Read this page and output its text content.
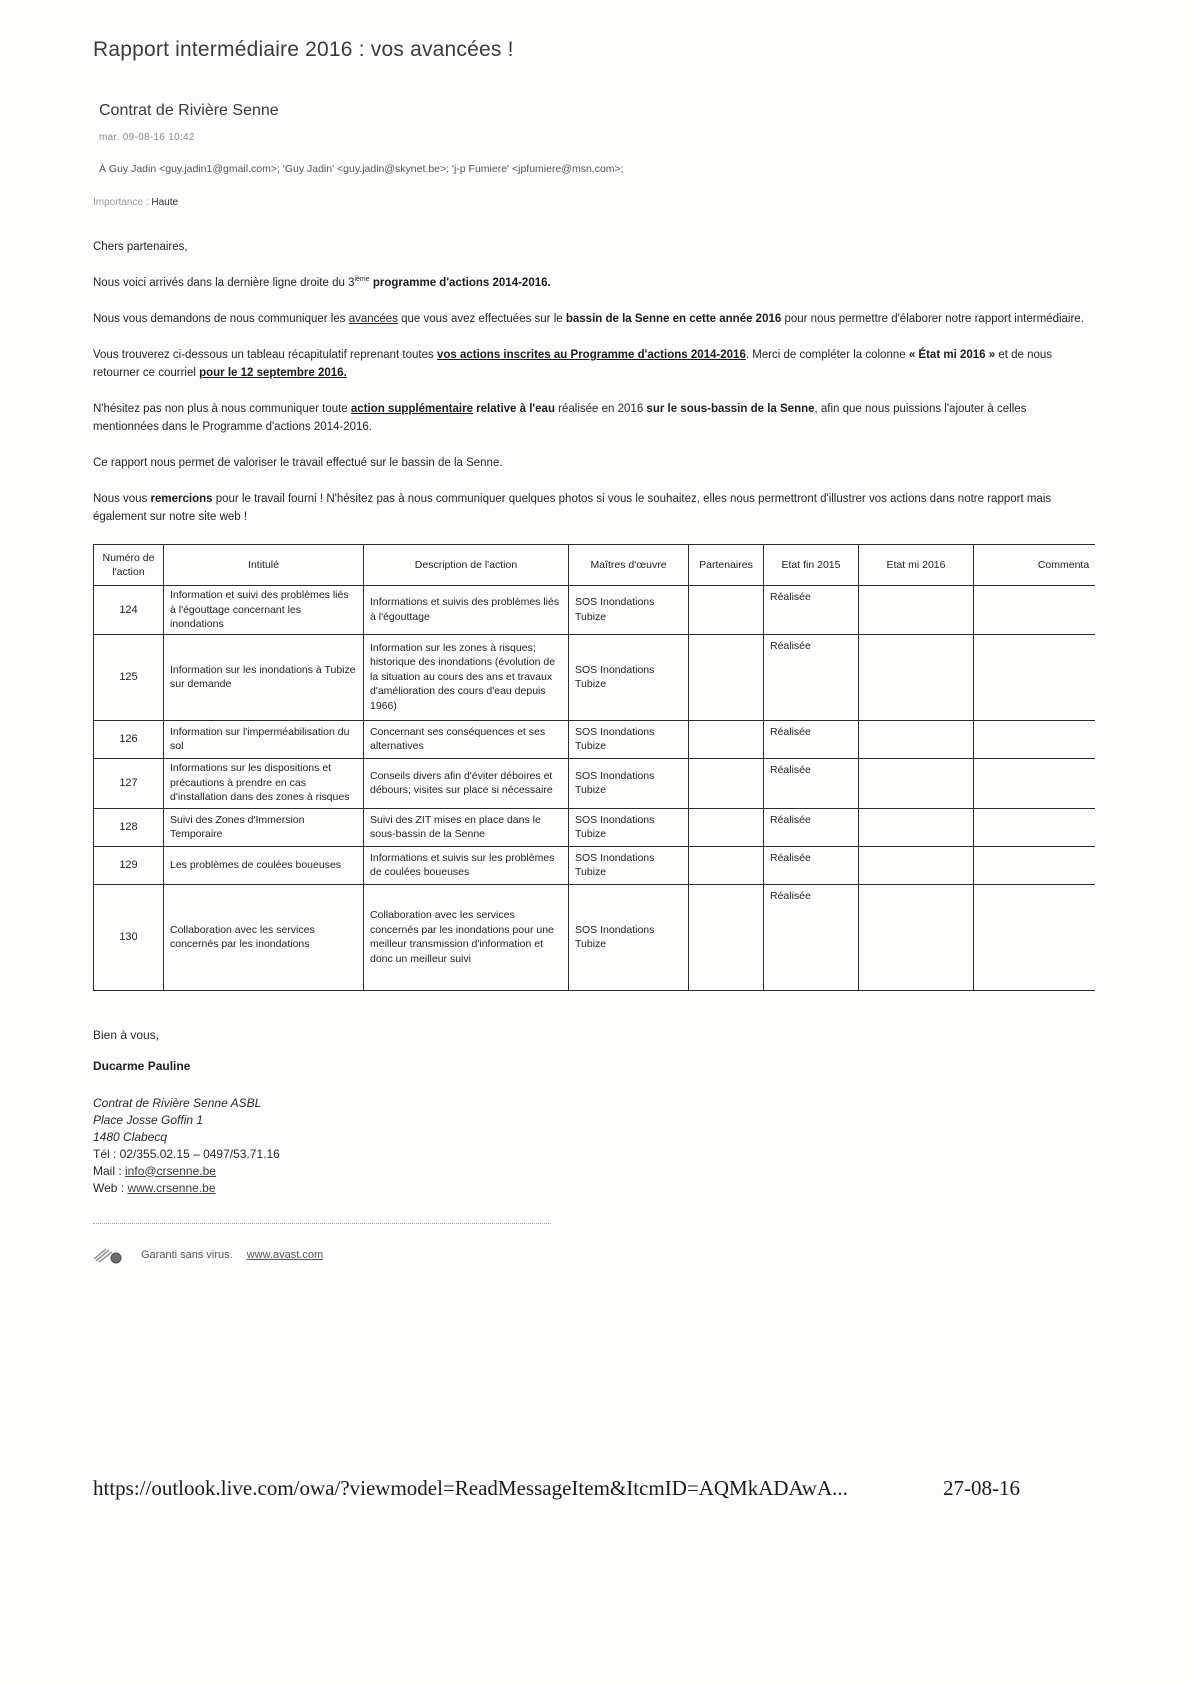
Rapport intermédiaire 2016 : vos avancées !
Contrat de Rivière Senne
mar. 09-08-16 10:42
À Guy Jadin <guy.jadin1@gmail.com>; 'Guy Jadin' <guy.jadin@skynet.be>; 'j-p Fumiere' <jpfumiere@msn.com>;
Importance : Haute

Chers partenaires,

Nous voici arrivés dans la dernière ligne droite du 3ième programme d'actions 2014-2016.

Nous vous demandons de nous communiquer les avancées que vous avez effectuées sur le bassin de la Senne en cette année 2016 pour nous permettre d'élaborer notre rapport intermédiaire.

Vous trouverez ci-dessous un tableau récapitulatif reprenant toutes vos actions inscrites au Programme d'actions 2014-2016. Merci de compléter la colonne « État mi 2016 » et de nous retourner ce courriel pour le 12 septembre 2016.

N'hésitez pas non plus à nous communiquer toute action supplémentaire relative à l'eau réalisée en 2016 sur le sous-bassin de la Senne, afin que nous puissions l'ajouter à celles mentionnées dans le Programme d'actions 2014-2016.

Ce rapport nous permet de valoriser le travail effectué sur le bassin de la Senne.

Nous vous remercions pour le travail fourni ! N'hésitez pas à nous communiquer quelques photos si vous le souhaitez, elles nous permettront d'illustrer vos actions dans notre rapport mais également sur notre site web !

Numéro de l'action	Intitulé	Description de l'action	Maîtres d'œuvre	Partenaires	Etat fin 2015	Etat mi 2016	Commenta
124	Information et suivi des problèmes liés à l'égouttage concernant les inondations	Informations et suivis des problèmes liés à l'égouttage	SOS Inondations Tubize		Réalisée		
125	Information sur les inondations à Tubize sur demande	Information sur les zones à risques; historique des inondations (évolution de la situation au cours des ans et travaux d'amélioration des cours d'eau depuis 1966)	SOS Inondations Tubize		Réalisée		
126	Information sur l'imperméabilisation du sol	Concernant ses conséquences et ses alternatives	SOS Inondations Tubize		Réalisée		
127	Informations sur les dispositions et précautions à prendre en cas d'installation dans des zones à risques	Conseils divers afin d'éviter déboires et débours; visites sur place si nécessaire	SOS Inondations Tubize		Réalisée		
128	Suivi des Zones d'Immersion Temporaire	Suivi des ZIT mises en place dans le sous-bassin de la Senne	SOS Inondations Tubize		Réalisée		
129	Les problèmes de coulées boueuses	Informations et suivis sur les problèmes de coulées boueuses	SOS Inondations Tubize		Réalisée		
130	Collaboration avec les services concernés par les inondations	Collaboration avec les services concernés par les inondations pour une meilleur transmission d'information et donc un meilleur suivi	SOS Inondations Tubize		Réalisée		
Bien à vous,
Ducarme Pauline

Contrat de Rivière Senne ASBL

Place Josse Goffin 1

1480 Clabecq

Tél : 02/355.02.15 – 0497/53.71.16

Mail : info@crsenne.be

Web : www.crsenne.be

Garanti sans virus. www.avast.com
https://outlook.live.com/owa/?viewmodel=ReadMessageItem&ItcmID=AQMkADAwA...	27-08-16
